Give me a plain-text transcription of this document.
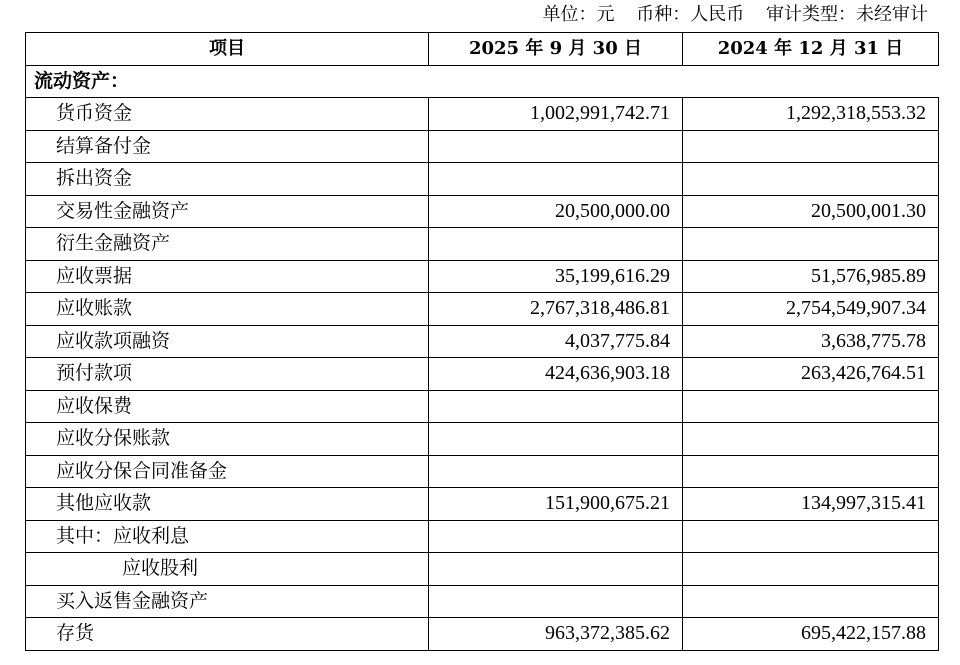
单位：元 币种：人民币 审计类型：未经审计
项目	2025 年 9 月 30 日	2024 年 12 月 31 日
流动资产：		
货币资金	1,002,991,742.71	1,292,318,553.32
结算备付金		
拆出资金		
交易性金融资产	20,500,000.00	20,500,001.30
衍生金融资产		
应收票据	35,199,616.29	51,576,985.89
应收账款	2,767,318,486.81	2,754,549,907.34
应收款项融资	4,037,775.84	3,638,775.78
预付款项	424,636,903.18	263,426,764.51
应收保费		
应收分保账款		
应收分保合同准备金		
其他应收款	151,900,675.21	134,997,315.41
其中：应收利息		
应收股利		
买入返售金融资产		
存货	963,372,385.62	695,422,157.88
